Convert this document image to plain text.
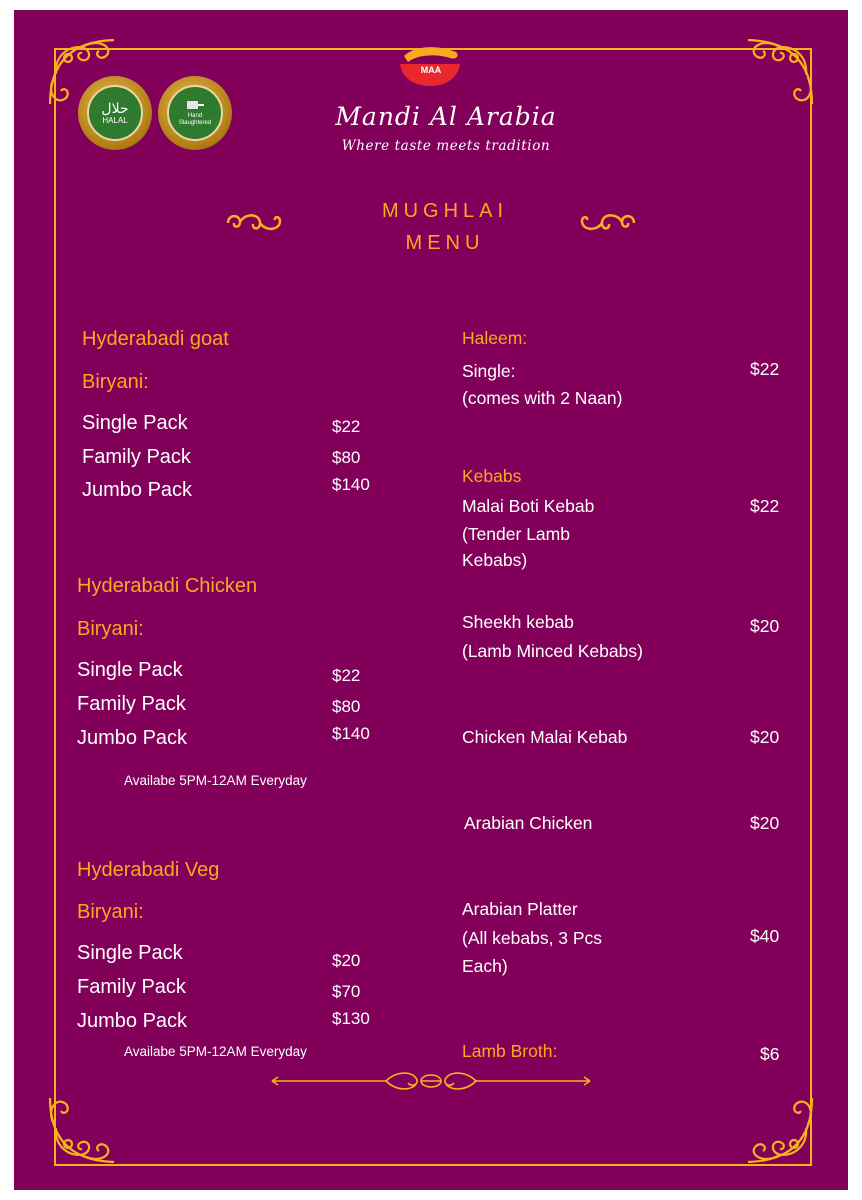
حلال
HALAL	Hand
Slaughtered
MAA
Mandi Al Arabia
Where taste meets tradition
MUGHLAI
MENU
Hyderabadi goat
Biryani:
Single Pack	$22
Family Pack	$80
Jumbo Pack	$140
Hyderabadi Chicken
Biryani:
Single Pack	$22
Family Pack	$80
Jumbo Pack	$140
Availabe 5PM-12AM Everyday
Hyderabadi Veg
Biryani:
Single Pack	$20
Family Pack	$70
Jumbo Pack	$130
Availabe 5PM-12AM Everyday
Haleem:
Single:
(comes with 2 Naan)
$22
Kebabs
Malai Boti Kebab
(Tender Lamb
Kebabs)
$22
Sheekh kebab
(Lamb Minced Kebabs)
$20
Chicken Malai Kebab	$20
Arabian Chicken	$20
Arabian Platter
(All kebabs, 3 Pcs
Each)
$40
Lamb Broth:	$6
